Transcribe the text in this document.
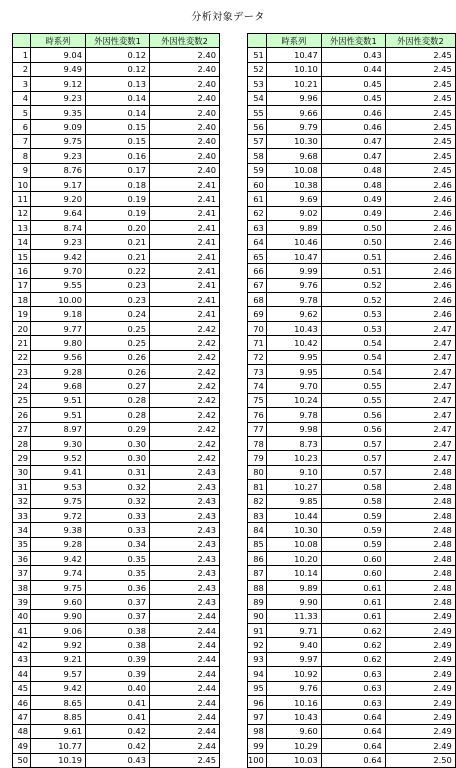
分析対象データ
	時系列	外因性変数1	外因性変数2
1	9.04	0.12	2.40
2	9.49	0.12	2.40
3	9.12	0.13	2.40
4	9.23	0.14	2.40
5	9.35	0.14	2.40
6	9.09	0.15	2.40
7	9.75	0.15	2.40
8	9.23	0.16	2.40
9	8.76	0.17	2.40
10	9.17	0.18	2.41
11	9.20	0.19	2.41
12	9.64	0.19	2.41
13	8.74	0.20	2.41
14	9.23	0.21	2.41
15	9.42	0.21	2.41
16	9.70	0.22	2.41
17	9.55	0.23	2.41
18	10.00	0.23	2.41
19	9.18	0.24	2.41
20	9.77	0.25	2.42
21	9.80	0.25	2.42
22	9.56	0.26	2.42
23	9.28	0.26	2.42
24	9.68	0.27	2.42
25	9.51	0.28	2.42
26	9.51	0.28	2.42
27	8.97	0.29	2.42
28	9.30	0.30	2.42
29	9.52	0.30	2.42
30	9.41	0.31	2.43
31	9.53	0.32	2.43
32	9.75	0.32	2.43
33	9.72	0.33	2.43
34	9.38	0.33	2.43
35	9.28	0.34	2.43
36	9.42	0.35	2.43
37	9.74	0.35	2.43
38	9.75	0.36	2.43
39	9.60	0.37	2.43
40	9.90	0.37	2.44
41	9.06	0.38	2.44
42	9.92	0.38	2.44
43	9.21	0.39	2.44
44	9.57	0.39	2.44
45	9.42	0.40	2.44
46	8.65	0.41	2.44
47	8.85	0.41	2.44
48	9.61	0.42	2.44
49	10.77	0.42	2.44
50	10.19	0.43	2.45
	時系列	外因性変数1	外因性変数2
51	10.47	0.43	2.45
52	10.10	0.44	2.45
53	10.21	0.45	2.45
54	9.96	0.45	2.45
55	9.66	0.46	2.45
56	9.79	0.46	2.45
57	10.30	0.47	2.45
58	9.68	0.47	2.45
59	10.08	0.48	2.45
60	10.38	0.48	2.46
61	9.69	0.49	2.46
62	9.02	0.49	2.46
63	9.89	0.50	2.46
64	10.46	0.50	2.46
65	10.47	0.51	2.46
66	9.99	0.51	2.46
67	9.76	0.52	2.46
68	9.78	0.52	2.46
69	9.62	0.53	2.46
70	10.43	0.53	2.47
71	10.42	0.54	2.47
72	9.95	0.54	2.47
73	9.95	0.54	2.47
74	9.70	0.55	2.47
75	10.24	0.55	2.47
76	9.78	0.56	2.47
77	9.98	0.56	2.47
78	8.73	0.57	2.47
79	10.23	0.57	2.47
80	9.10	0.57	2.48
81	10.27	0.58	2.48
82	9.85	0.58	2.48
83	10.44	0.59	2.48
84	10.30	0.59	2.48
85	10.08	0.59	2.48
86	10.20	0.60	2.48
87	10.14	0.60	2.48
88	9.89	0.61	2.48
89	9.90	0.61	2.48
90	11.33	0.61	2.49
91	9.71	0.62	2.49
92	9.40	0.62	2.49
93	9.97	0.62	2.49
94	10.92	0.63	2.49
95	9.76	0.63	2.49
96	10.16	0.63	2.49
97	10.43	0.64	2.49
98	9.60	0.64	2.49
99	10.29	0.64	2.49
100	10.03	0.64	2.50
